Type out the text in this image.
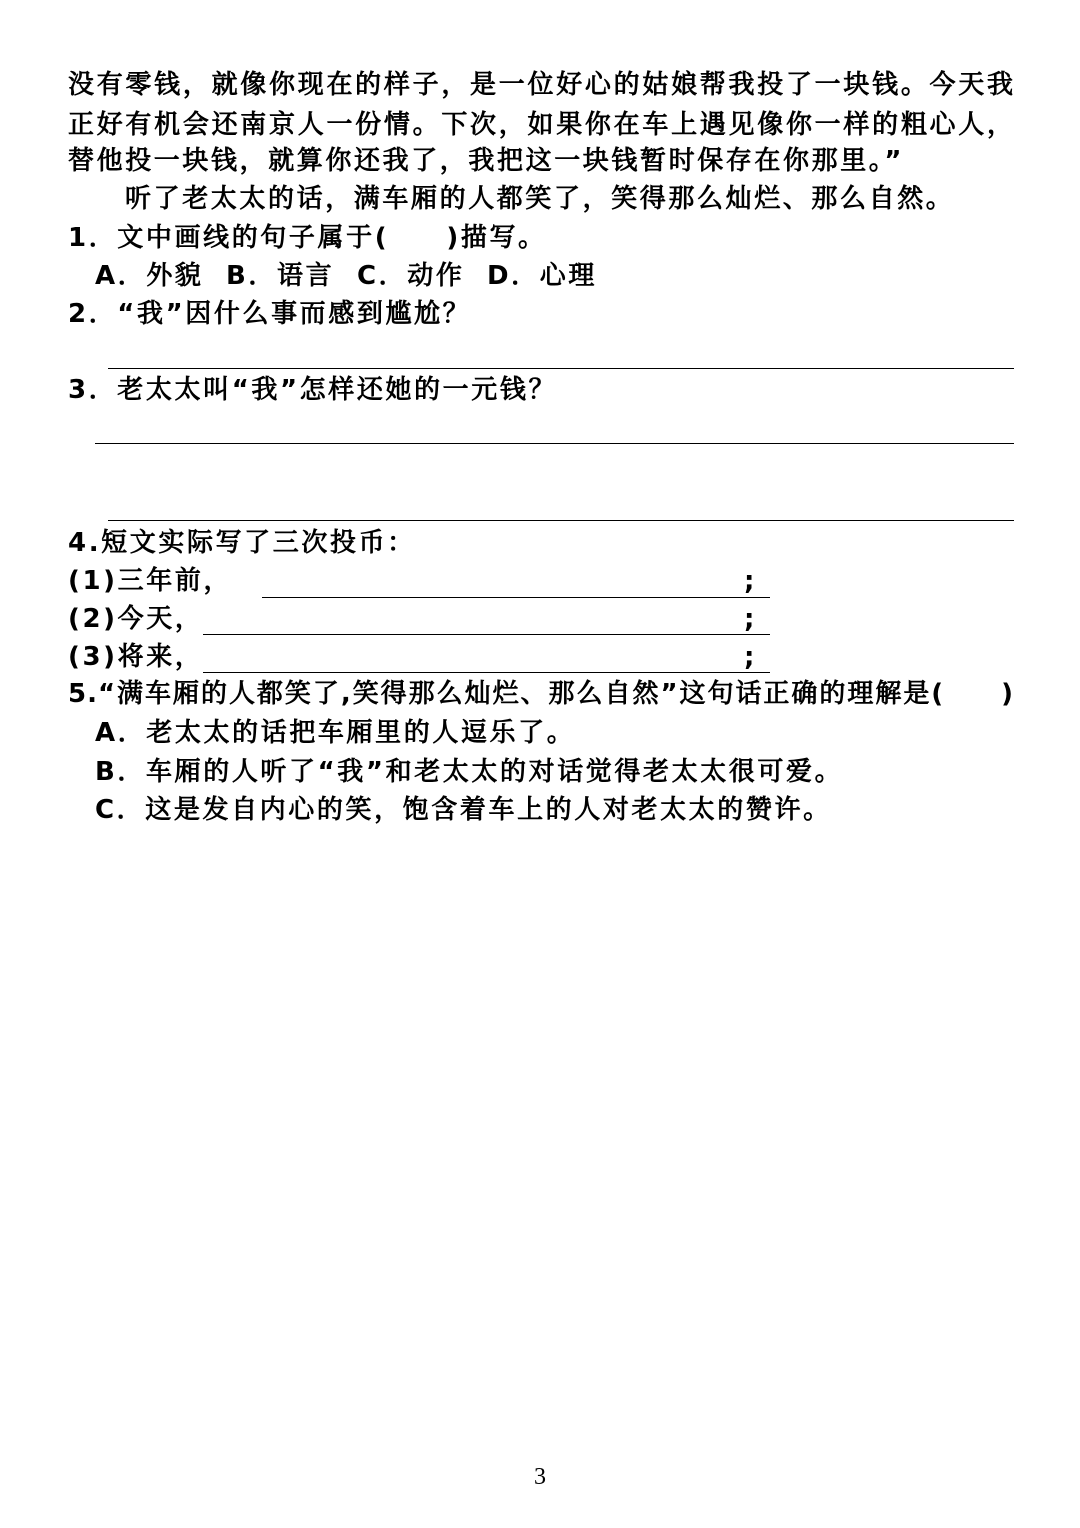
没有零钱，就像你现在的样子，是一位好心的姑娘帮我投了一块钱。今天我
正好有机会还南京人一份情。下次，如果你在车上遇见像你一样的粗心人，
替他投一块钱，就算你还我了，我把这一块钱暂时保存在你那里。”
听了老太太的话，满车厢的人都笑了，笑得那么灿烂、那么自然。
1．文中画线的句子属于(　　)描写。
A．外貌 B．语言 C．动作 D．心理
2．“我”因什么事而感到尴尬？
3．老太太叫“我”怎样还她的一元钱？
4.短文实际写了三次投币：
(1)三年前，	;
(2)今天，	;
(3)将来，	;
5.“满车厢的人都笑了,笑得那么灿烂、那么自然”这句话正确的理解是(　　)
A．老太太的话把车厢里的人逗乐了。
B．车厢的人听了“我”和老太太的对话觉得老太太很可爱。
C．这是发自内心的笑，饱含着车上的人对老太太的赞许。
3
